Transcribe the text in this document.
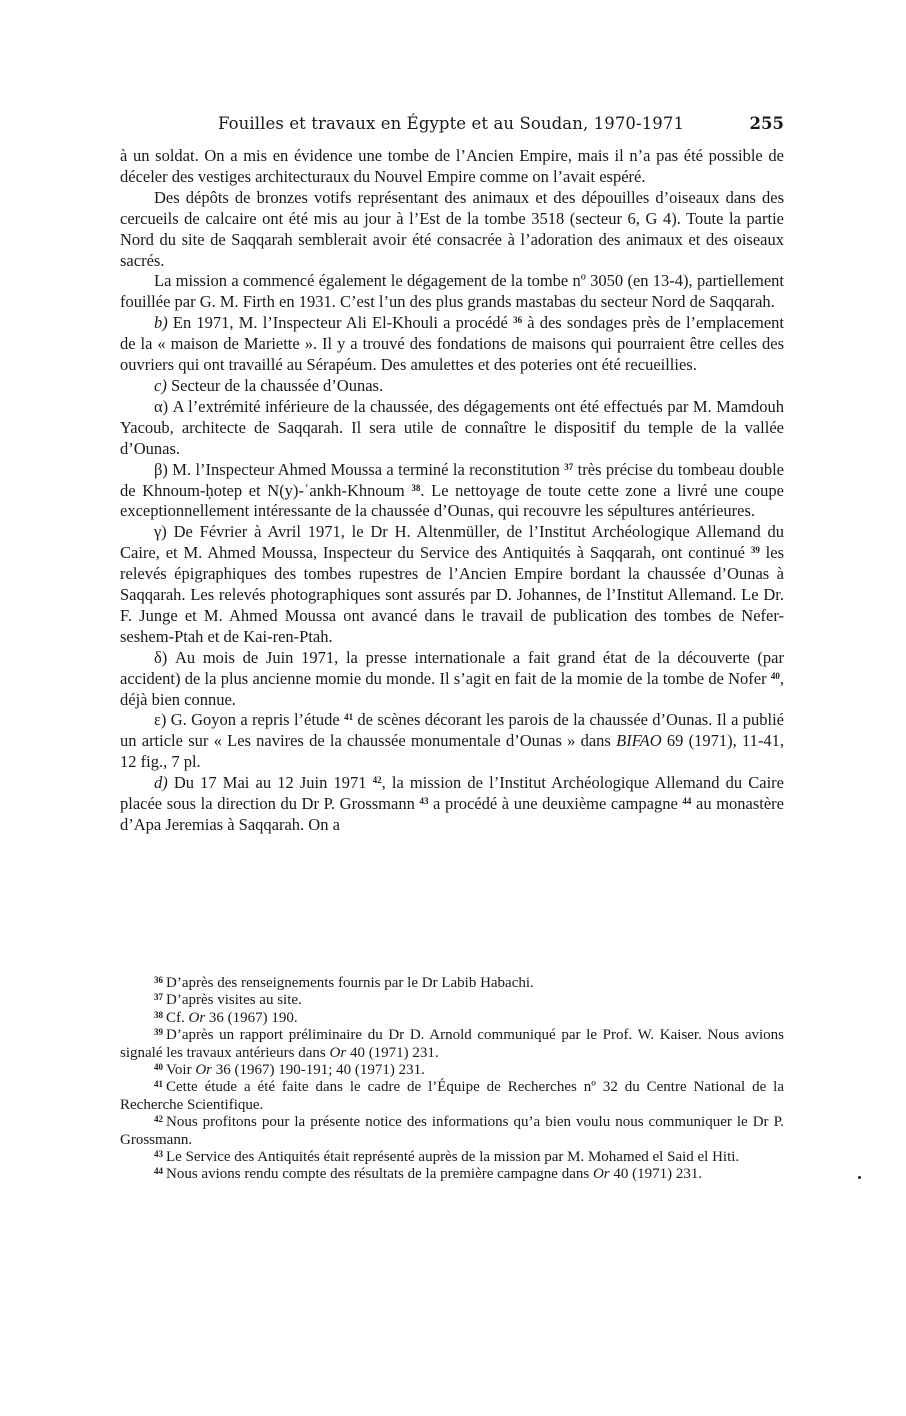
Fouilles et travaux en Égypte et au Soudan, 1970-1971	255

à un soldat. On a mis en évidence une tombe de l’Ancien Empire, mais il n’a pas été possible de déceler des vestiges architecturaux du Nouvel Empire comme on l’avait espéré.

Des dépôts de bronzes votifs représentant des animaux et des dépouilles d’oiseaux dans des cercueils de calcaire ont été mis au jour à l’Est de la tombe 3518 (secteur 6, G 4). Toute la partie Nord du site de Saqqarah semblerait avoir été consacrée à l’adoration des animaux et des oiseaux sacrés.

La mission a commencé également le dégagement de la tombe nº 3050 (en 13-4), partiellement fouillée par G. M. Firth en 1931. C’est l’un des plus grands mastabas du secteur Nord de Saqqarah.

b) En 1971, M. l’Inspecteur Ali El-Khouli a procédé $^{36}$ à des sondages près de l’emplacement de la « maison de Mariette ». Il y a trouvé des fondations de maisons qui pourraient être celles des ouvriers qui ont travaillé au Sérapéum. Des amulettes et des poteries ont été recueillies.

c) Secteur de la chaussée d’Ounas.

α) A l’extrémité inférieure de la chaussée, des dégagements ont été effectués par M. Mamdouh Yacoub, architecte de Saqqarah. Il sera utile de connaître le dispositif du temple de la vallée d’Ounas.

β) M. l’Inspecteur Ahmed Moussa a terminé la reconstitution $^{37}$ très précise du tombeau double de Khnoum-ḥotep et N(y)-ʿankh-Khnoum $^{38}$. Le nettoyage de toute cette zone a livré une coupe exceptionnellement intéressante de la chaussée d’Ounas, qui recouvre les sépultures antérieures.

γ) De Février à Avril 1971, le Dr H. Altenmüller, de l’Institut Archéologique Allemand du Caire, et M. Ahmed Moussa, Inspecteur du Service des Antiquités à Saqqarah, ont continué $^{39}$ les relevés épigraphiques des tombes rupestres de l’Ancien Empire bordant la chaussée d’Ounas à Saqqarah. Les relevés photographiques sont assurés par D. Johannes, de l’Institut Allemand. Le Dr. F. Junge et M. Ahmed Moussa ont avancé dans le travail de publication des tombes de Nefer-seshem-Ptah et de Kai-ren-Ptah.

δ) Au mois de Juin 1971, la presse internationale a fait grand état de la découverte (par accident) de la plus ancienne momie du monde. Il s’agit en fait de la momie de la tombe de Nofer $^{40}$, déjà bien connue.

ε) G. Goyon a repris l’étude $^{41}$ de scènes décorant les parois de la chaussée d’Ounas. Il a publié un article sur « Les navires de la chaussée monumentale d’Ounas » dans BIFAO 69 (1971), 11-41, 12 fig., 7 pl.

d) Du 17 Mai au 12 Juin 1971 $^{42}$, la mission de l’Institut Archéologique Allemand du Caire placée sous la direction du Dr P. Grossmann $^{43}$ a procédé à une deuxième campagne $^{44}$ au monastère d’Apa Jeremias à Saqqarah. On a

$^{36}$ D’après des renseignements fournis par le Dr Labib Habachi.

$^{37}$ D’après visites au site.

$^{38}$ Cf. Or 36 (1967) 190.

$^{39}$ D’après un rapport préliminaire du Dr D. Arnold communiqué par le Prof. W. Kaiser. Nous avions signalé les travaux antérieurs dans Or 40 (1971) 231.

$^{40}$ Voir Or 36 (1967) 190-191; 40 (1971) 231.

$^{41}$ Cette étude a été faite dans le cadre de l’Équipe de Recherches nº 32 du Centre National de la Recherche Scientifique.

$^{42}$ Nous profitons pour la présente notice des informations qu’a bien voulu nous communiquer le Dr P. Grossmann.

$^{43}$ Le Service des Antiquités était représenté auprès de la mission par M. Mohamed el Said el Hiti.

$^{44}$ Nous avions rendu compte des résultats de la première campagne dans Or 40 (1971) 231.
